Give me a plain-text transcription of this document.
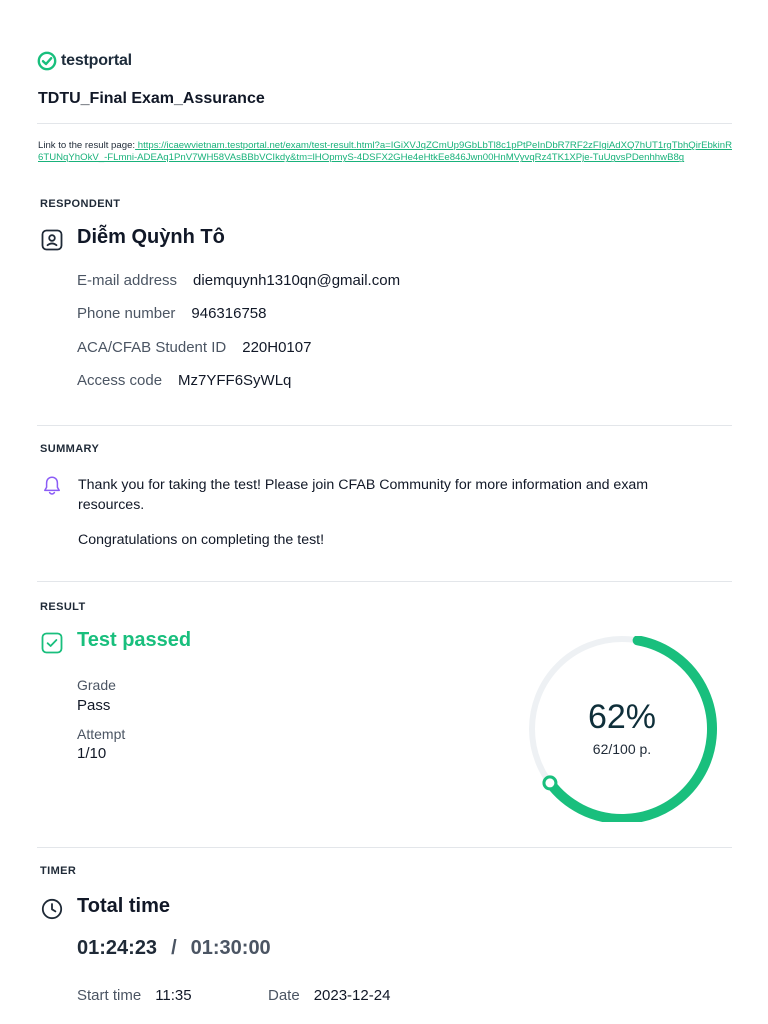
testportal
TDTU_Final Exam_Assurance
Link to the result page: https://icaewvietnam.testportal.net/exam/test-result.html?a=IGiXVJqZCmUp9GbLbTl8c1pPtPeInDbR7RF2zFIgiAdXQ7hUT1rgTbhQirEbkinR6TUNqYhOkV_-FLmni-ADEAq1PnV7WH58VAsBBbVCIkdy&tm=lHOpmyS-4DSFX2GHe4eHtkEe846Jwn00HnMVyvqRz4TK1XPje-TuUgvsPDenhhwB8g
RESPONDENT
Diễm Quỳnh Tô
E-mail address diemquynh1310qn@gmail.com
Phone number 946316758
ACA/CFAB Student ID 220H0107
Access code Mz7YFF6SyWLq
SUMMARY
Thank you for taking the test! Please join CFAB Community for more information and exam resources.
Congratulations on completing the test!
RESULT
Test passed
Grade
Pass
Attempt
1/10
62%
62/100 p.
TIMER
Total time
01:24:23 / 01:30:00
Start time 11:35	Date 2023-12-24
